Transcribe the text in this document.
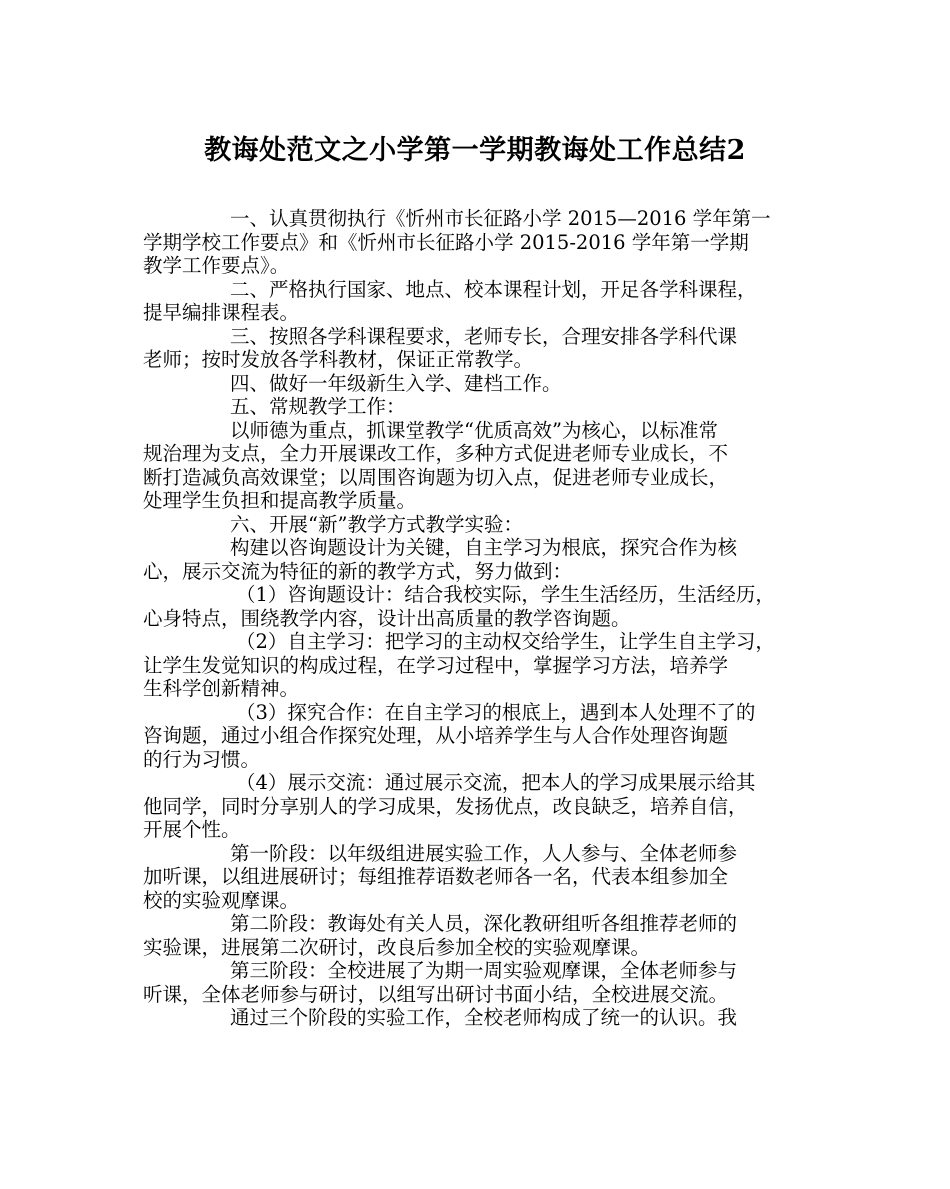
教诲处范文之小学第一学期教诲处工作总结2
一、认真贯彻执行《忻州市长征路小学 2015—2016 学年第一
学期学校工作要点》和《忻州市长征路小学 2015-2016 学年第一学期
教学工作要点》。
二、严格执行国家、地点、校本课程计划，开足各学科课程，
提早编排课程表。
三、按照各学科课程要求，老师专长，合理安排各学科代课
老师；按时发放各学科教材，保证正常教学。
四、做好一年级新生入学、建档工作。
五、常规教学工作：
以师德为重点，抓课堂教学“优质高效”为核心，以标准常
规治理为支点，全力开展课改工作，多种方式促进老师专业成长，不
断打造减负高效课堂；以周围咨询题为切入点，促进老师专业成长，
处理学生负担和提高教学质量。
六、开展“新”教学方式教学实验：
构建以咨询题设计为关键，自主学习为根底，探究合作为核
心，展示交流为特征的新的教学方式，努力做到：
（1）咨询题设计：结合我校实际，学生生活经历，生活经历，
心身特点，围绕教学内容，设计出高质量的教学咨询题。
（2）自主学习：把学习的主动权交给学生，让学生自主学习，
让学生发觉知识的构成过程，在学习过程中，掌握学习方法，培养学
生科学创新精神。
（3）探究合作：在自主学习的根底上，遇到本人处理不了的
咨询题，通过小组合作探究处理，从小培养学生与人合作处理咨询题
的行为习惯。
（4）展示交流：通过展示交流，把本人的学习成果展示给其
他同学，同时分享别人的学习成果，发扬优点，改良缺乏，培养自信，
开展个性。
第一阶段：以年级组进展实验工作，人人参与、全体老师参
加听课，以组进展研讨；每组推荐语数老师各一名，代表本组参加全
校的实验观摩课。
第二阶段：教诲处有关人员，深化教研组听各组推荐老师的
实验课，进展第二次研讨，改良后参加全校的实验观摩课。
第三阶段：全校进展了为期一周实验观摩课，全体老师参与
听课，全体老师参与研讨，以组写出研讨书面小结，全校进展交流。
通过三个阶段的实验工作，全校老师构成了统一的认识。我
